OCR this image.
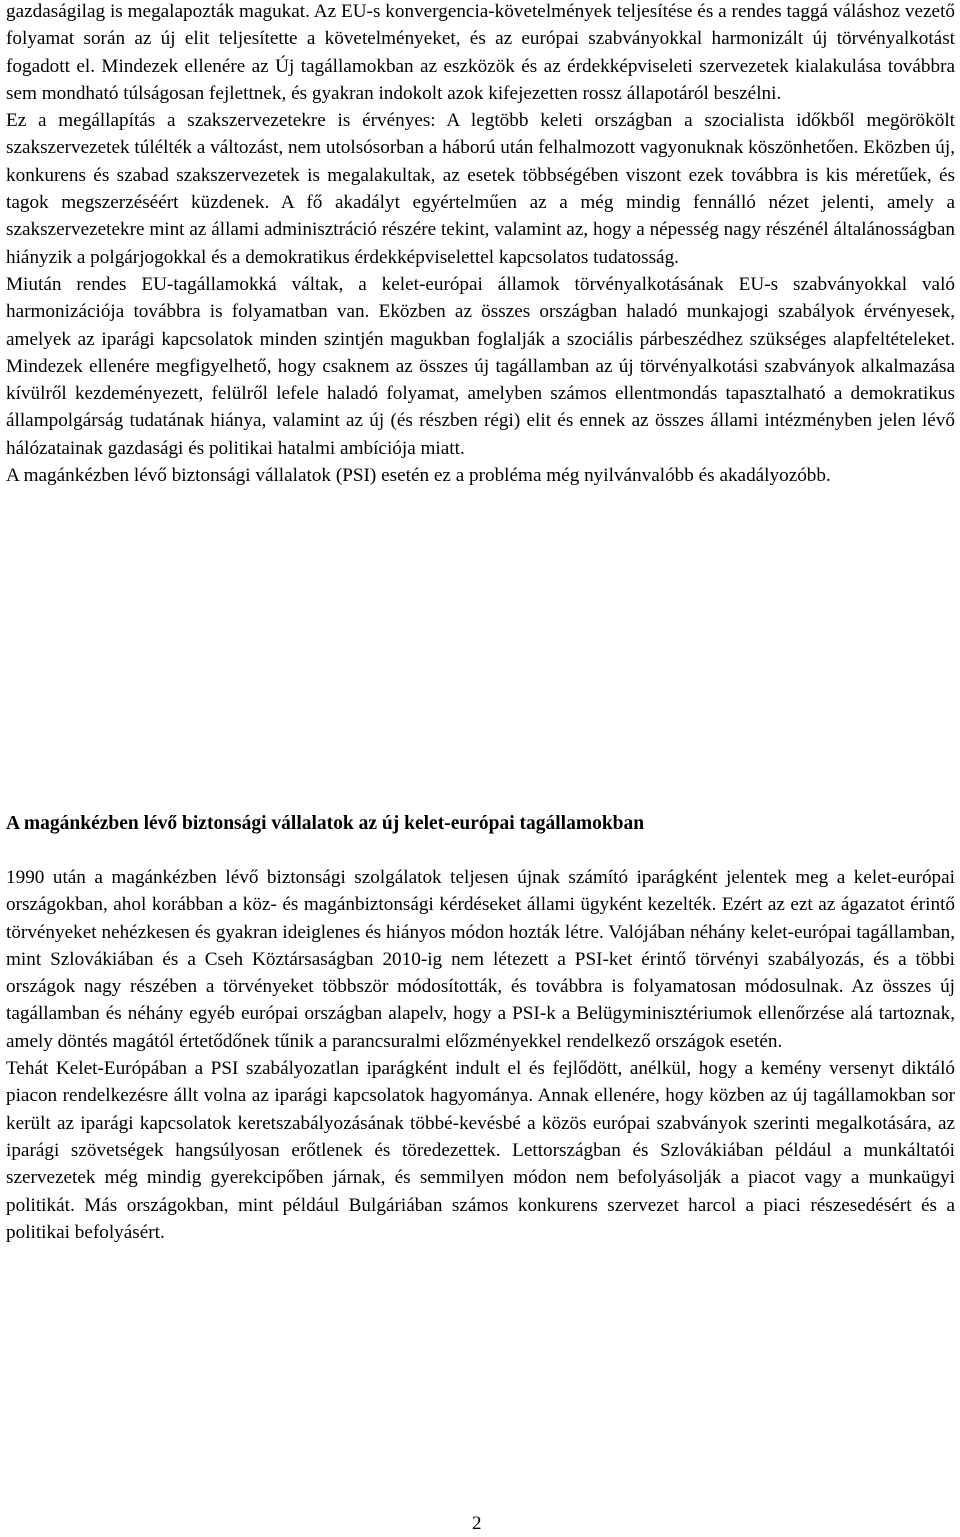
gazdaságilag is megalapozták magukat. Az EU-s konvergencia-követelmények teljesítése és a rendes taggá váláshoz vezető folyamat során az új elit teljesítette a követelményeket, és az európai szabványokkal harmonizált új törvényalkotást fogadott el. Mindezek ellenére az Új tagállamokban az eszközök és az érdekképviseleti szervezetek kialakulása továbbra sem mondható túlságosan fejlettnek, és gyakran indokolt azok kifejezetten rossz állapotáról beszélni.

Ez a megállapítás a szakszervezetekre is érvényes: A legtöbb keleti országban a szocialista időkből megörökölt szakszervezetek túlélték a változást, nem utolsósorban a háború után felhalmozott vagyonuknak köszönhetően. Eközben új, konkurens és szabad szakszervezetek is megalakultak, az esetek többségében viszont ezek továbbra is kis méretűek, és tagok megszerzéséért küzdenek. A fő akadályt egyértelműen az a még mindig fennálló nézet jelenti, amely a szakszervezetekre mint az állami adminisztráció részére tekint, valamint az, hogy a népesség nagy részénél általánosságban hiányzik a polgárjogokkal és a demokratikus érdekképviselettel kapcsolatos tudatosság.

Miután rendes EU-tagállamokká váltak, a kelet-európai államok törvényalkotásának EU-s szabványokkal való harmonizációja továbbra is folyamatban van. Eközben az összes országban haladó munkajogi szabályok érvényesek, amelyek az iparági kapcsolatok minden szintjén magukban foglalják a szociális párbeszédhez szükséges alapfeltételeket. Mindezek ellenére megfigyelhető, hogy csaknem az összes új tagállamban az új törvényalkotási szabványok alkalmazása kívülről kezdeményezett, felülről lefele haladó folyamat, amelyben számos ellentmondás tapasztalható a demokratikus állampolgárság tudatának hiánya, valamint az új (és részben régi) elit és ennek az összes állami intézményben jelen lévő hálózatainak gazdasági és politikai hatalmi ambíciója miatt.

A magánkézben lévő biztonsági vállalatok (PSI) esetén ez a probléma még nyilvánvalóbb és akadályozóbb.

A magánkézben lévő biztonsági vállalatok az új kelet-európai tagállamokban

1990 után a magánkézben lévő biztonsági szolgálatok teljesen újnak számító iparágként jelentek meg a kelet-európai országokban, ahol korábban a köz- és magánbiztonsági kérdéseket állami ügyként kezelték. Ezért az ezt az ágazatot érintő törvényeket nehézkesen és gyakran ideiglenes és hiányos módon hozták létre. Valójában néhány kelet-európai tagállamban, mint Szlovákiában és a Cseh Köztársaságban 2010-ig nem létezett a PSI-ket érintő törvényi szabályozás, és a többi országok nagy részében a törvényeket többször módosították, és továbbra is folyamatosan módosulnak. Az összes új tagállamban és néhány egyéb európai országban alapelv, hogy a PSI-k a Belügyminisztériumok ellenőrzése alá tartoznak, amely döntés magától értetődőnek tűnik a parancsuralmi előzményekkel rendelkező országok esetén.

Tehát Kelet-Európában a PSI szabályozatlan iparágként indult el és fejlődött, anélkül, hogy a kemény versenyt diktáló piacon rendelkezésre állt volna az iparági kapcsolatok hagyománya. Annak ellenére, hogy közben az új tagállamokban sor került az iparági kapcsolatok keretszabályozásának többé-kevésbé a közös európai szabványok szerinti megalkotására, az iparági szövetségek hangsúlyosan erőtlenek és töredezettek. Lettországban és Szlovákiában például a munkáltatói szervezetek még mindig gyerekcipőben járnak, és semmilyen módon nem befolyásolják a piacot vagy a munkaügyi politikát. Más országokban, mint például Bulgáriában számos konkurens szervezet harcol a piaci részesedésért és a politikai befolyásért.

2
